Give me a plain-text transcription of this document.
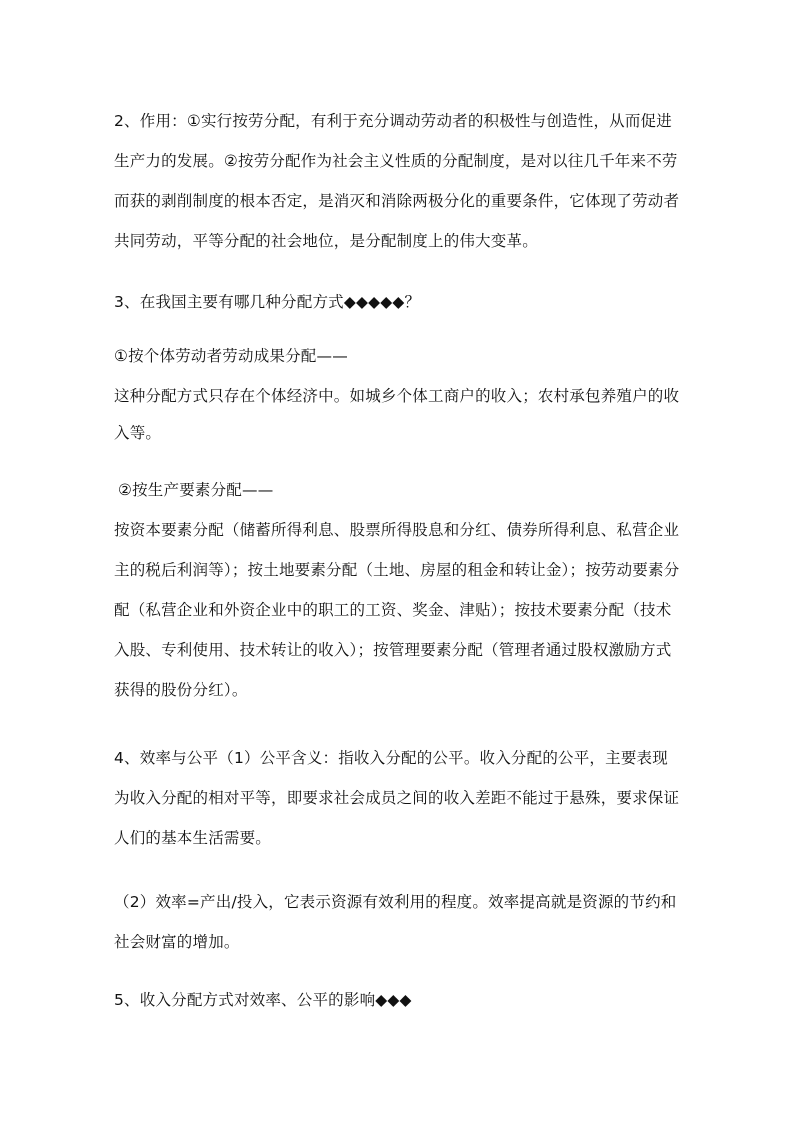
2、作用：①实行按劳分配，有利于充分调动劳动者的积极性与创造性，从而促进生产力的发展。②按劳分配作为社会主义性质的分配制度，是对以往几千年来不劳而获的剥削制度的根本否定，是消灭和消除两极分化的重要条件，它体现了劳动者共同劳动，平等分配的社会地位，是分配制度上的伟大变革。

3、在我国主要有哪几种分配方式◆◆◆◆◆？

①按个体劳动者劳动成果分配——

这种分配方式只存在个体经济中。如城乡个体工商户的收入；农村承包养殖户的收入等。

②按生产要素分配——

按资本要素分配（储蓄所得利息、股票所得股息和分红、债券所得利息、私营企业主的税后利润等）；按土地要素分配（土地、房屋的租金和转让金）；按劳动要素分配（私营企业和外资企业中的职工的工资、奖金、津贴）；按技术要素分配（技术入股、专利使用、技术转让的收入）；按管理要素分配（管理者通过股权激励方式获得的股份分红）。

4、效率与公平（1）公平含义：指收入分配的公平。收入分配的公平，主要表现为收入分配的相对平等，即要求社会成员之间的收入差距不能过于悬殊，要求保证人们的基本生活需要。

（2）效率=产出/投入，它表示资源有效利用的程度。效率提高就是资源的节约和社会财富的增加。

5、收入分配方式对效率、公平的影响◆◆◆
